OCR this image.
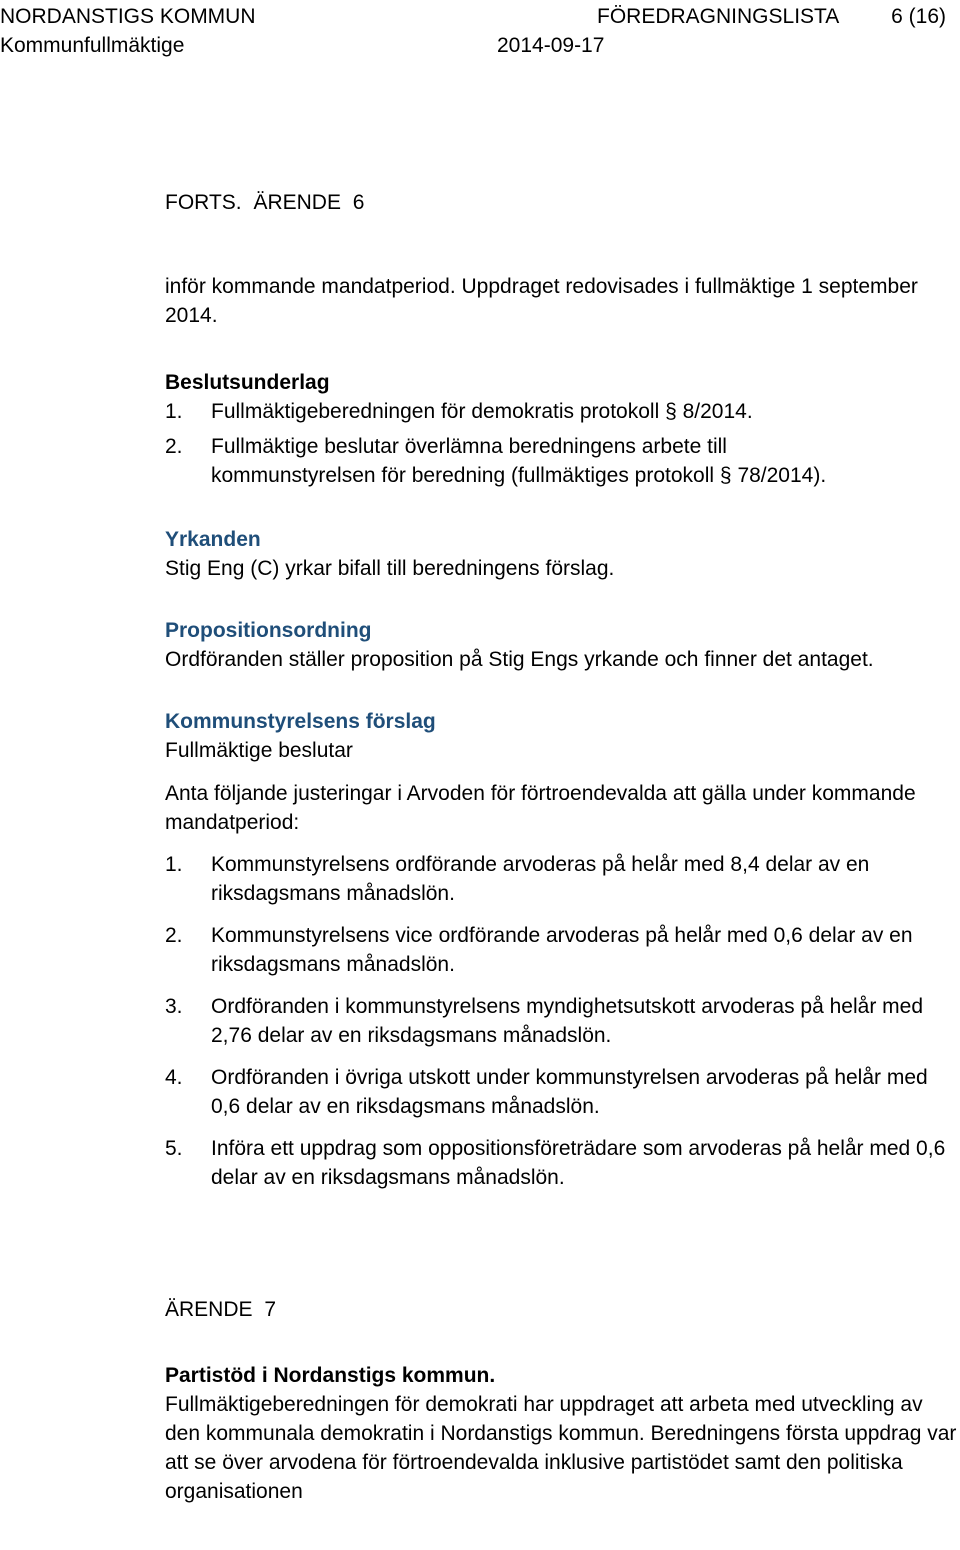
NORDANSTIGS KOMMUN
Kommunfullmäktige
FÖREDRAGNINGSLISTA
2014-09-17
6 (16)

FORTS. ÄRENDE 6

inför kommande mandatperiod. Uppdraget redovisades i fullmäktige 1 september 2014.

Beslutsunderlag

1. Fullmäktigeberedningen för demokratis protokoll § 8/2014.
2. Fullmäktige beslutar överlämna beredningens arbete till kommunstyrelsen för beredning (fullmäktiges protokoll § 78/2014).

Yrkanden

Stig Eng (C) yrkar bifall till beredningens förslag.

Propositionsordning

Ordföranden ställer proposition på Stig Engs yrkande och finner det antaget.

Kommunstyrelsens förslag

Fullmäktige beslutar

Anta följande justeringar i Arvoden för förtroendevalda att gälla under kommande mandatperiod:

1. Kommunstyrelsens ordförande arvoderas på helår med 8,4 delar av en riksdagsmans månadslön.
2. Kommunstyrelsens vice ordförande arvoderas på helår med 0,6 delar av en riksdagsmans månadslön.
3. Ordföranden i kommunstyrelsens myndighetsutskott arvoderas på helår med 2,76 delar av en riksdagsmans månadslön.
4. Ordföranden i övriga utskott under kommunstyrelsen arvoderas på helår med 0,6 delar av en riksdagsmans månadslön.
5. Införa ett uppdrag som oppositionsföreträdare som arvoderas på helår med 0,6 delar av en riksdagsmans månadslön.

ÄRENDE 7

Partistöd i Nordanstigs kommun.

Fullmäktigeberedningen för demokrati har uppdraget att arbeta med utveckling av den kommunala demokratin i Nordanstigs kommun. Beredningens första uppdrag var att se över arvodena för förtroendevalda inklusive partistödet samt den politiska organisationen
